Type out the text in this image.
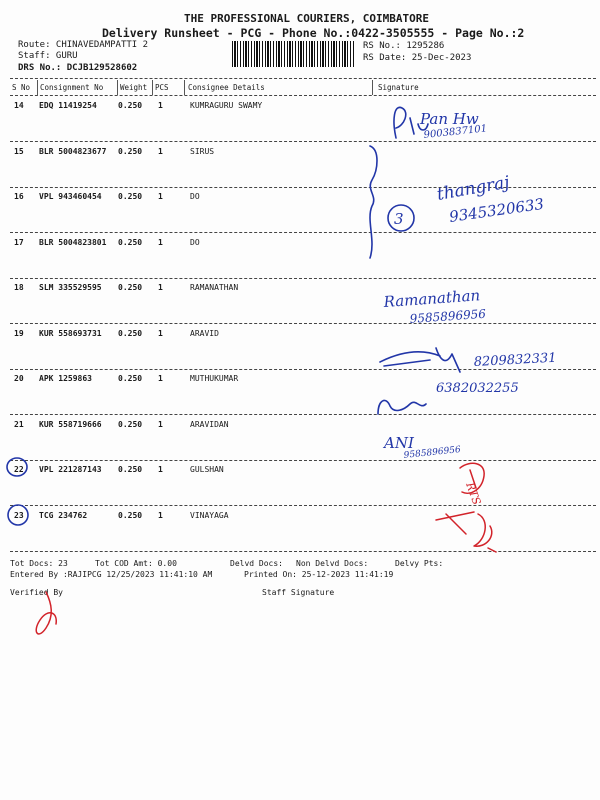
THE PROFESSIONAL COURIERS, COIMBATORE
Delivery Runsheet - PCG - Phone No.:0422-3505555 - Page No.:2
Route: CHINAVEDAMPATTI 2
Staff: GURU
DRS No.: DCJB129528602
RS No.: 1295286
RS Date: 25-Dec-2023
S No Consignment No Weight PCS	Consignee Details	Signature
14 EDQ 11419254	0.250 1	KUMRAGURU SWAMY
15 BLR 5004823677 0.250 1	SIRUS
16 VPL 943460454 0.250 1	DO
17 BLR 5004823801 0.250 1	DO
18 SLM 335529595 0.250 1	RAMANATHAN
19 KUR 558693731 0.250 1	ARAVID
20 APK 1259863	0.250 1	MUTHUKUMAR
21 KUR 558719666 0.250 1	ARAVIDAN
22 VPL 221287143 0.250 1	GULSHAN
23 TCG 234762	0.250 1	VINAYAGA
Tot Docs: 23	Tot COD Amt: 0.00	Delvd Docs: Non Delvd Docs:	Delvy Pts:
Entered By :RAJIPCG 12/25/2023 11:41:10 AM	Printed On: 25-12-2023 11:41:19
Verified By	Staff Signature
Pan Hw
9003837101
3
thangraj
9345320633
Ramanathan
9585896956
8209832331
6382032255
ANI
9585896956
RTS
